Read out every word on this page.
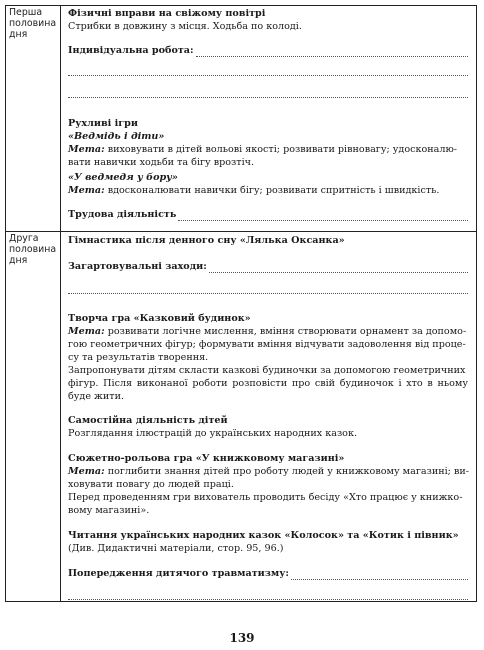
Перша половина дня
Друга половина дня
Фізичні вправи на свіжому повітрі
Стрибки в довжину з місця. Ходьба по колоді.
Індивідуальна робота:
Рухливі ігри
«Ведмідь і діти»
Мета: виховувати в дітей вольові якості; розвивати рівновагу; удосконалю-
вати навички ходьби та бігу врозтіч.
«У ведмедя у бору»
Мета: вдосконалювати навички бігу; розвивати спритність і швидкість.
Трудова діяльність
Гімнастика після денного сну «Лялька Оксанка»
Загартовувальні заходи:
Творча гра «Казковий будинок»
Мета: розвивати логічне мислення, вміння створювати орнамент за допомо-
гою геометричних фігур; формувати вміння відчувати задоволення від проце-
су та результатів творення.
Запропонувати дітям скласти казкові будиночки за допомогою геометричних
фігур. Після виконаної роботи розповісти про свій будиночок і хто в ньому
буде жити.
Самостійна діяльність дітей
Розглядання ілюстрацій до українських народних казок.
Сюжетно-рольова гра «У книжковому магазині»
Мета: поглибити знання дітей про роботу людей у книжковому магазині; ви-
ховувати повагу до людей праці.
Перед проведенням гри вихователь проводить бесіду «Хто працює у книжко-
вому магазині».
Читання українських народних казок «Колосок» та «Котик і півник»
(Див. Дидактичні матеріали, стор. 95, 96.)
Попередження дитячого травматизму:
139
